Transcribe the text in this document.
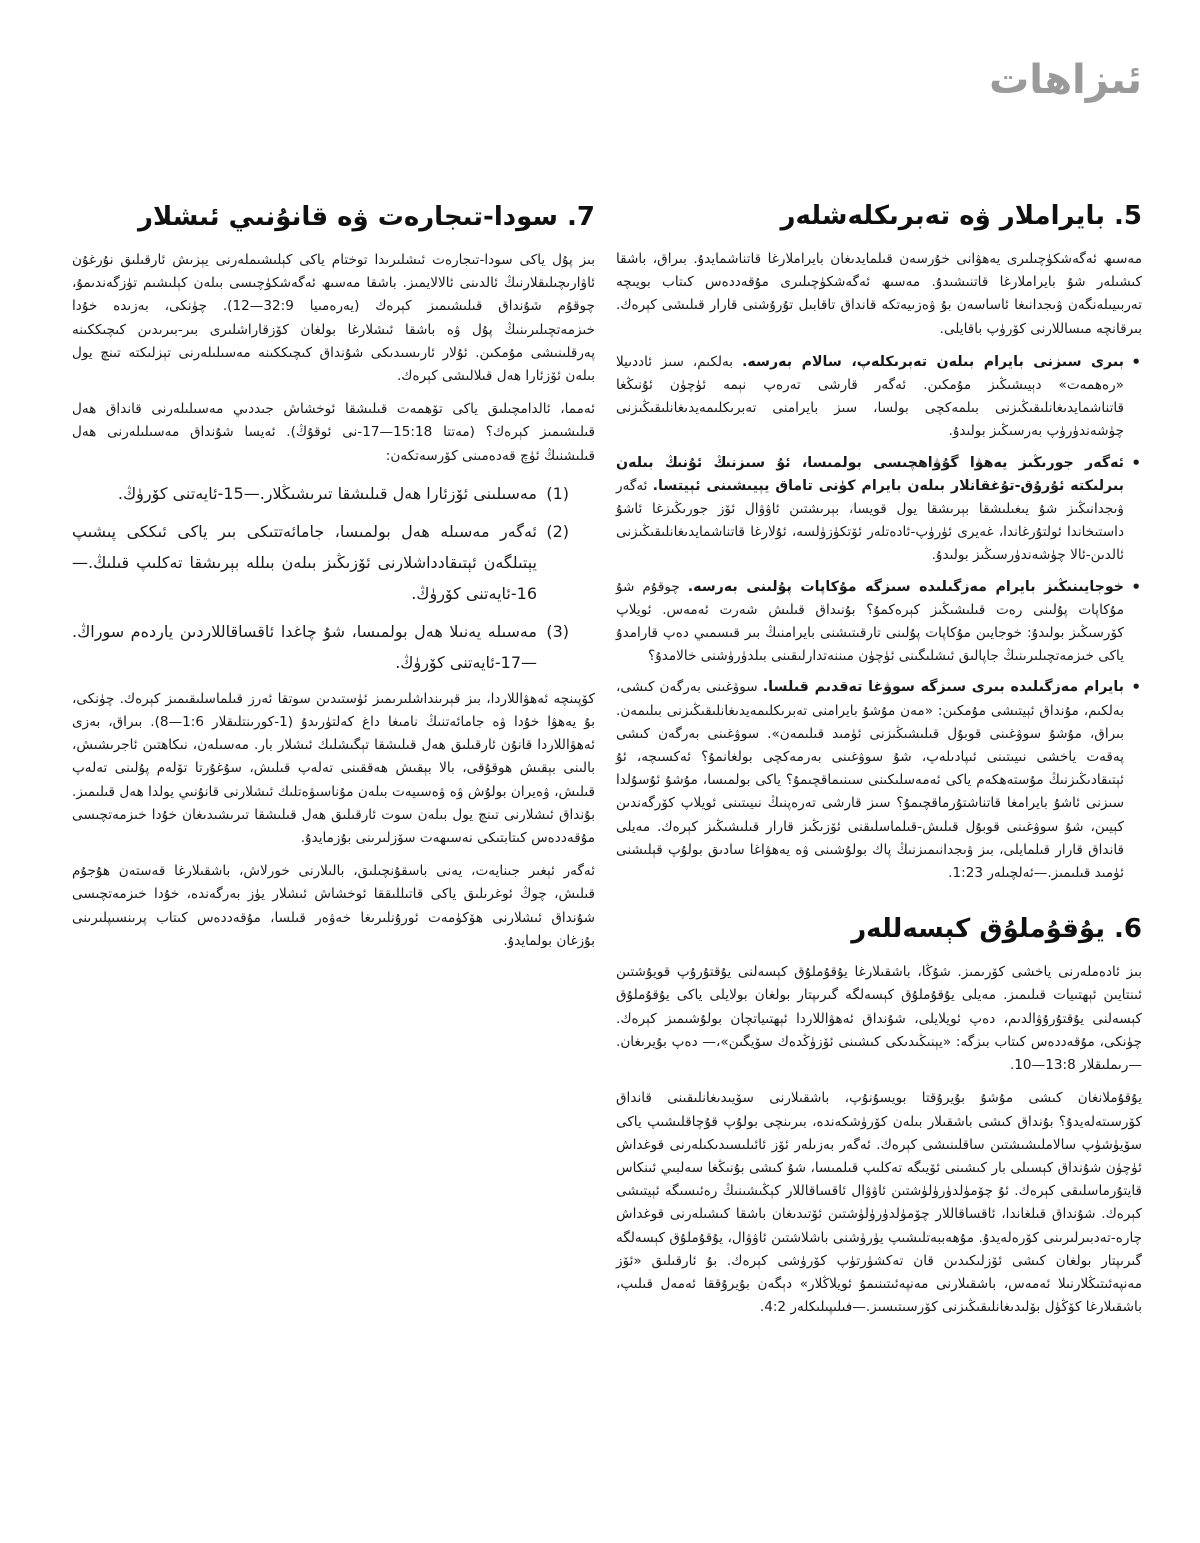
ئىزاھات
5. بايراملار ۋە تەبرىكلەشلەر

مەسىھ ئەگەشكۈچىلىرى يەھۋانى خۇرسەن قىلمايدىغان بايراملارغا قاتناشمايدۇ. بىراق، باشقا كىشىلەر شۇ بايراملارغا قاتنىشىدۇ. مەسىھ ئەگەشكۈچىلىرى مۇقەددەس كىتاب بويىچە تەربىيىلەنگەن ۋىجدانىغا ئاساسەن بۇ ۋەزىيەتكە قانداق تاقابىل تۇرۇشنى قارار قىلىشى كېرەك. بىرقانچە مىساللارنى كۆرۈپ باقايلى.

•
بىرى سىزنى بايرام بىلەن تەبرىكلەپ، سالام بەرسە. بەلكىم، سىز ئاددىيلا «رەھمەت» دېيىشىڭىز مۇمكىن. ئەگەر قارشى تەرەپ نېمە ئۈچۈن ئۇنىڭغا قاتناشمايدىغانلىقىڭىزنى بىلمەكچى بولسا، سىز بايرامنى تەبرىكلىمەيدىغانلىقىڭىزنى چۈشەندۈرۈپ بەرسىڭىز بولىدۇ.
•
ئەگەر جورىڭىز يەھۋا گۇۋاھچىسى بولمىسا، ئۇ سىزنىڭ ئۇنىڭ بىلەن بىرلىكتە ئۇرۇق-تۇغقانلار بىلەن بايرام كۈنى تاماق يېيىشىنى ئېيتسا. ئەگەر ۋىجدانىڭىز شۇ يىغىلىشقا بېرىشقا يول قويسا، بېرىشتىن ئاۋۋال ئۆز جورىڭىزغا ئاشۇ داستىخاندا ئولتۇرغاندا، غەيرى ئۈرۈپ-ئادەتلەر ئۆتكۈزۈلسە، ئۇلارغا قاتناشمايدىغانلىقىڭىزنى ئالدىن-ئالا چۈشەندۈرسىڭىز بولىدۇ.
•
خوجايىنىڭىز بايرام مەزگىلىدە سىزگە مۇكاپات پۇلىنى بەرسە. چوقۇم شۇ مۇكاپات پۇلىنى رەت قىلىشىڭىز كېرەكمۇ؟ بۇنىداق قىلىش شەرت ئەمەس. ئويلاپ كۆرسىڭىز بولىدۇ: خوجايىن مۇكاپات پۇلىنى تارقىتىشنى بايرامنىڭ بىر قىسمىي دەپ قارامدۇ ياكى خىزمەتچىلىرىنىڭ جاپالىق ئىشلىگىنى ئۈچۈن مىننەتدارلىقىنى بىلدۈرۈشنى خالامدۇ؟
•
بايرام مەزگىلىدە بىرى سىزگە سوۋغا تەقدىم قىلسا. سوۋغىنى بەرگەن كىشى، بەلكىم، مۇنداق ئېيتىشى مۇمكىن: «مەن مۇشۇ بايرامنى تەبرىكلىمەيدىغانلىقىڭىزنى بىلىمەن. بىراق، مۇشۇ سوۋغىنى قوبۇل قىلىشىڭىزنى ئۈمىد قىلىمەن». سوۋغىنى بەرگەن كىشى پەقەت ياخشى نىيىتىنى ئىپادىلەپ، شۇ سوۋغىنى بەرمەكچى بولغانمۇ؟ ئەكسىچە، ئۇ ئېتىقادىڭىزنىڭ مۇستەھكەم ياكى ئەمەسلىكىنى سىنىماقچىمۇ؟ ياكى بولمىسا، مۇشۇ ئۇسۇلدا سىزنى ئاشۇ بايرامغا قاتناشتۇرماقچىمۇ؟ سىز قارشى تەرەپنىڭ نىيىتىنى ئويلاپ كۆرگەندىن كېيىن، شۇ سوۋغىنى قوبۇل قىلىش-قىلماسلىقنى ئۆزىڭىز قارار قىلىشىڭىز كېرەك. مەيلى قانداق قارار قىلمايلى، بىز ۋىجدانىمىزنىڭ پاك بولۇشىنى ۋە يەھۋاغا سادىق بولۇپ قېلىشنى ئۈمىد قىلىمىز.—ئەلچىلەر 1:23.
6. يۇقۇملۇق كېسەللەر

بىز ئادەملەرنى ياخشى كۆرىمىز. شۇڭا، باشقىلارغا يۇقۇملۇق كېسەلنى يۇقتۇرۇپ قويۇشتىن ئىنتايىن ئېھتىيات قىلىمىز. مەيلى يۇقۇملۇق كېسەلگە گىرىپتار بولغان بولايلى ياكى يۇقۇملۇق كېسەلنى يۇقتۇرۇۋالدىم، دەپ ئويلايلى، شۇنداق ئەھۋاللاردا ئېھتىياتچان بولۇشىمىز كېرەك. چۈنكى، مۇقەددەس كىتاب بىزگە: «يېنىڭىدىكى كىشىنى ئۆزۈڭدەك سۆيگىن»،— دەپ بۇيرىغان.—رىملىقلار 13:8—10.

يۇقۇملانغان كىشى مۇشۇ بۇيرۇقتا بويسۇنۇپ، باشقىلارنى سۆيىدىغانلىقىنى قانداق كۆرسىتەلەيدۇ؟ بۇنداق كىشى باشقىلار بىلەن كۆرۈشكەندە، بىرىنچى بولۇپ قۇچاقلىشىپ ياكى سۆيۈشۈپ سالاملىشىشتىن ساقلىنىشى كېرەك. ئەگەر بەزىلەر ئۆز ئائىلىسىدىكىلەرنى قوغداش ئۈچۈن شۇنداق كېسىلى بار كىشىنى ئۆيىگە تەكلىپ قىلمىسا، شۇ كىشى بۇنىڭغا سەلبىي ئىنكاس قايتۇرماسلىقى كېرەك. ئۇ چۆمۈلدۈرۈلۈشتىن ئاۋۋال ئاقساقاللار كېڭىشىنىڭ رەئىسىگە ئېيتىشى كېرەك. شۇنداق قىلغاندا، ئاقساقاللار چۆمۈلدۈرۈلۈشتىن ئۆتىدىغان باشقا كىشىلەرنى قوغداش چارە-تەدبىرلىرىنى كۆرەلەيدۇ. مۇھەببەتلىشىپ يۈرۈشنى باشلاشتىن ئاۋۋال، يۇقۇملۇق كېسەلگە گىرىپتار بولغان كىشى ئۆزلىكىدىن قان تەكشۈرتۈپ كۆرۈشى كېرەك. بۇ ئارقىلىق «ئۆز مەنپەئىتىڭلارنىلا ئەمەس، باشقىلارنى مەنپەئىتىنىمۇ ئويلاڭلار» دېگەن بۇيرۇققا ئەمەل قىلىپ، باشقىلارغا كۆڭۈل بۆلىدىغانلىقىڭىزنى كۆرسىتىسىز.—فىلىپىلىكلەر 4:2.

7. سودا-تىجارەت ۋە قانۇنىي ئىشلار

بىز پۇل ياكى سودا-تىجارەت ئىشلىرىدا توختام ياكى كېلىشىملەرنى يېزىش ئارقىلىق نۇرغۇن ئاۋارىچىلىقلارنىڭ ئالدىنى ئالالايمىز. باشقا مەسىھ ئەگەشكۈچىسى بىلەن كېلىشىم تۈزگەندىمۇ، چوقۇم شۇنداق قىلىشىمىز كېرەك (يەرەمىيا 32:9—12). چۈنكى، بەزىدە خۇدا خىزمەتچىلىرىنىڭ پۇل ۋە باشقا ئىشلارغا بولغان كۆزقاراشلىرى بىر-بىرىدىن كىچىككىنە پەرقلىنىشى مۇمكىن. ئۇلار ئارىسىدىكى شۇنداق كىچىككىنە مەسىلىلەرنى تېزلىكتە تىنچ يول بىلەن ئۆزئارا ھەل قىلالىشى كېرەك.

ئەمما، ئالدامچىلىق ياكى تۆھمەت قىلىشقا ئوخشاش جىددىي مەسىلىلەرنى قانداق ھەل قىلىشىمىز كېرەك؟ (مەتتا 15:18—17-نى ئوقۇڭ). ئەيسا شۇنداق مەسىلىلەرنى ھەل قىلىشنىڭ ئۈچ قەدەمىنى كۆرسەتكەن:

(1)
مەسىلىنى ئۆزئارا ھەل قىلىشقا تىرىشىڭلار.—15-ئايەتنى كۆرۈڭ.
(2)
ئەگەر مەسىلە ھەل بولمىسا، جامائەتتىكى بىر ياكى ئىككى پىشىپ يېتىلگەن ئېتىقادداشلارنى ئۆزىڭىز بىلەن بىللە بېرىشقا تەكلىپ قىلىڭ.—16-ئايەتنى كۆرۈڭ.
(3)
مەسىلە يەنىلا ھەل بولمىسا، شۇ چاغدا ئاقساقاللاردىن ياردەم سوراڭ.—17-ئايەتنى كۆرۈڭ.

كۆپىنچە ئەھۋاللاردا، بىز قېرىنداشلىرىمىز ئۈستىدىن سوتقا ئەرز قىلماسلىقىمىز كېرەك. چۈنكى، بۇ يەھۋا خۇدا ۋە جامائەتنىڭ نامىغا داغ كەلتۈرىدۇ (1-كورىنتلىقلار 1:6—8). بىراق، بەزى ئەھۋاللاردا قانۇن ئارقىلىق ھەل قىلىشقا تېگىشلىك ئىشلار بار. مەسىلەن، نىكاھتىن ئاجرىشىش، بالىنى بېقىش ھوقۇقى، بالا بېقىش ھەققىنى تەلەپ قىلىش، سۇغۇرتا تۆلەم پۇلىنى تەلەپ قىلىش، ۋەيران بولۇش ۋە ۋەسىيەت بىلەن مۇناسىۋەتلىك ئىشلارنى قانۇنىي يولدا ھەل قىلىمىز. بۇنداق ئىشلارنى تىنچ يول بىلەن سوت ئارقىلىق ھەل قىلىشقا تىرىشىدىغان خۇدا خىزمەتچىسى مۇقەددەس كىتابتىكى نەسىھەت سۆزلىرىنى بۇزمايدۇ.

ئەگەر ئېغىر جىنايەت، يەنى باسقۇنچىلىق، بالىلارنى خورلاش، باشقىلارغا قەستەن ھۇجۇم قىلىش، چوڭ ئوغرىلىق ياكى قاتىللىققا ئوخشاش ئىشلار يۈز بەرگەندە، خۇدا خىزمەتچىسى شۇنداق ئىشلارنى ھۆكۈمەت ئورۇنلىرىغا خەۋەر قىلسا، مۇقەددەس كىتاب پرىنسىپلىرىنى بۇزغان بولمايدۇ.
